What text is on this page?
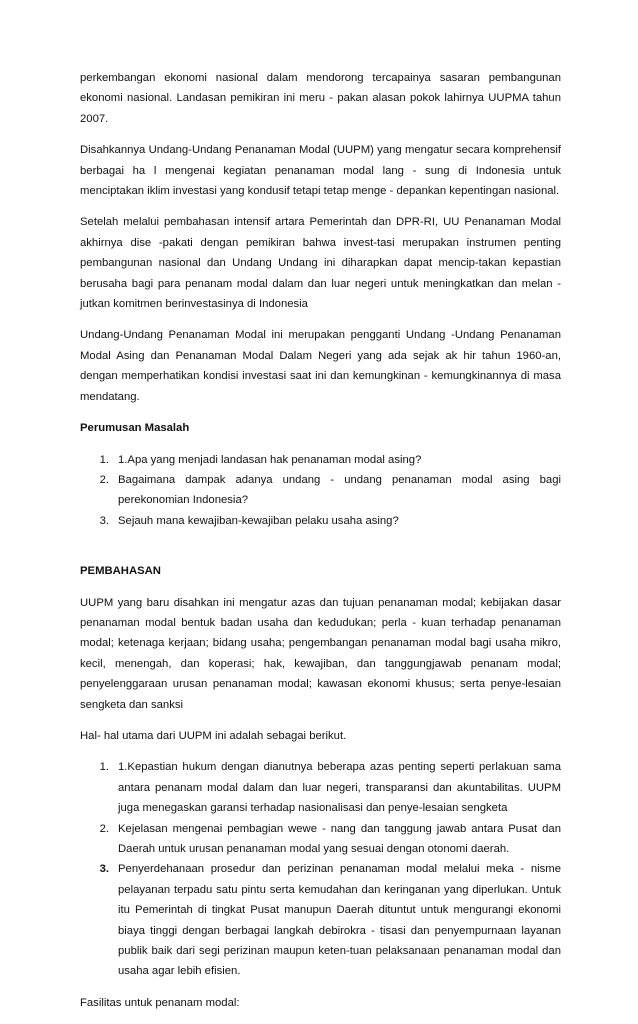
perkembangan ekonomi nasional dalam mendorong tercapainya sasaran pembangunan ekonomi nasional. Landasan pemikiran ini meru - pakan alasan pokok lahirnya UUPMA tahun 2007.

Disahkannya Undang-Undang Penanaman Modal (UUPM) yang mengatur secara komprehensif berbagai ha l mengenai kegiatan penanaman modal lang - sung di Indonesia untuk menciptakan iklim investasi yang kondusif tetapi tetap menge - depankan kepentingan nasional.

Setelah melalui pembahasan intensif artara Pemerintah dan DPR-RI, UU Penanaman Modal akhirnya dise -pakati dengan pemikiran bahwa invest-tasi merupakan instrumen penting pembangunan nasional dan Undang Undang ini diharapkan dapat mencip-takan kepastian berusaha bagi para penanam modal dalam dan luar negeri untuk meningkatkan dan melan - jutkan komitmen berinvestasinya di Indonesia

Undang-Undang Penanaman Modal ini merupakan pengganti Undang -Undang Penanaman Modal Asing dan Penanaman Modal Dalam Negeri yang ada sejak ak hir tahun 1960-an, dengan memperhatikan kondisi investasi saat ini dan kemungkinan - kemungkinannya di masa mendatang.

Perumusan Masalah
1. 1.Apa yang menjadi landasan hak penanaman modal asing?
2. Bagaimana dampak adanya undang - undang penanaman modal asing bagi perekonomian Indonesia?
3. Sejauh mana kewajiban-kewajiban pelaku usaha asing?
PEMBAHASAN

UUPM yang baru disahkan ini mengatur azas dan tujuan penanaman modal; kebijakan dasar penanaman modal bentuk badan usaha dan kedudukan; perla - kuan terhadap penanaman modal; ketenaga kerjaan; bidang usaha; pengembangan penanaman modal bagi usaha mikro, kecil, menengah, dan koperasi; hak, kewajiban, dan tanggungjawab penanam modal; penyelenggaraan urusan penanaman modal; kawasan ekonomi khusus; serta penye-lesaian sengketa dan sanksi

Hal- hal utama dari UUPM ini adalah sebagai berikut.

1. 1.Kepastian hukum dengan dianutnya beberapa azas penting seperti perlakuan sama antara penanam modal dalam dan luar negeri, transparansi dan akuntabilitas. UUPM juga menegaskan garansi terhadap nasionalisasi dan penye-lesaian sengketa
2. Kejelasan mengenai pembagian wewe - nang dan tanggung jawab antara Pusat dan Daerah untuk urusan penanaman modal yang sesuai dengan otonomi daerah.
3. Penyerdehanaan prosedur dan perizinan penanaman modal melalui meka - nisme pelayanan terpadu satu pintu serta kemudahan dan keringanan yang diperlukan. Untuk itu Pemerintah di tingkat Pusat manupun Daerah dituntut untuk mengurangi ekonomi biaya tinggi dengan berbagai langkah debirokra - tisasi dan penyempurnaan layanan publik baik dari segi perizinan maupun keten-tuan pelaksanaan penanaman modal dan usaha agar lebih efisien.

Fasilitas untuk penanam modal:
